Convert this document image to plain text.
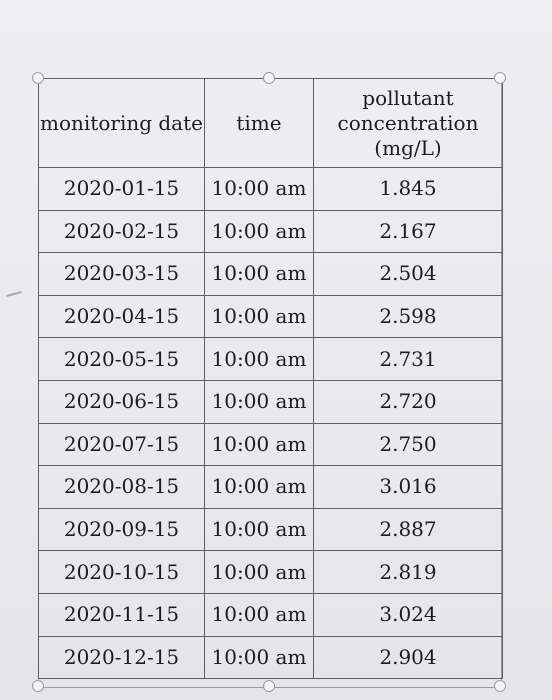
monitoring date	time	pollutant
concentration
(mg/L)

2020-01-15	10:00 am	1.845
2020-02-15	10:00 am	2.167
2020-03-15	10:00 am	2.504
2020-04-15	10:00 am	2.598
2020-05-15	10:00 am	2.731
2020-06-15	10:00 am	2.720
2020-07-15	10:00 am	2.750
2020-08-15	10:00 am	3.016
2020-09-15	10:00 am	2.887
2020-10-15	10:00 am	2.819
2020-11-15	10:00 am	3.024
2020-12-15	10:00 am	2.904
